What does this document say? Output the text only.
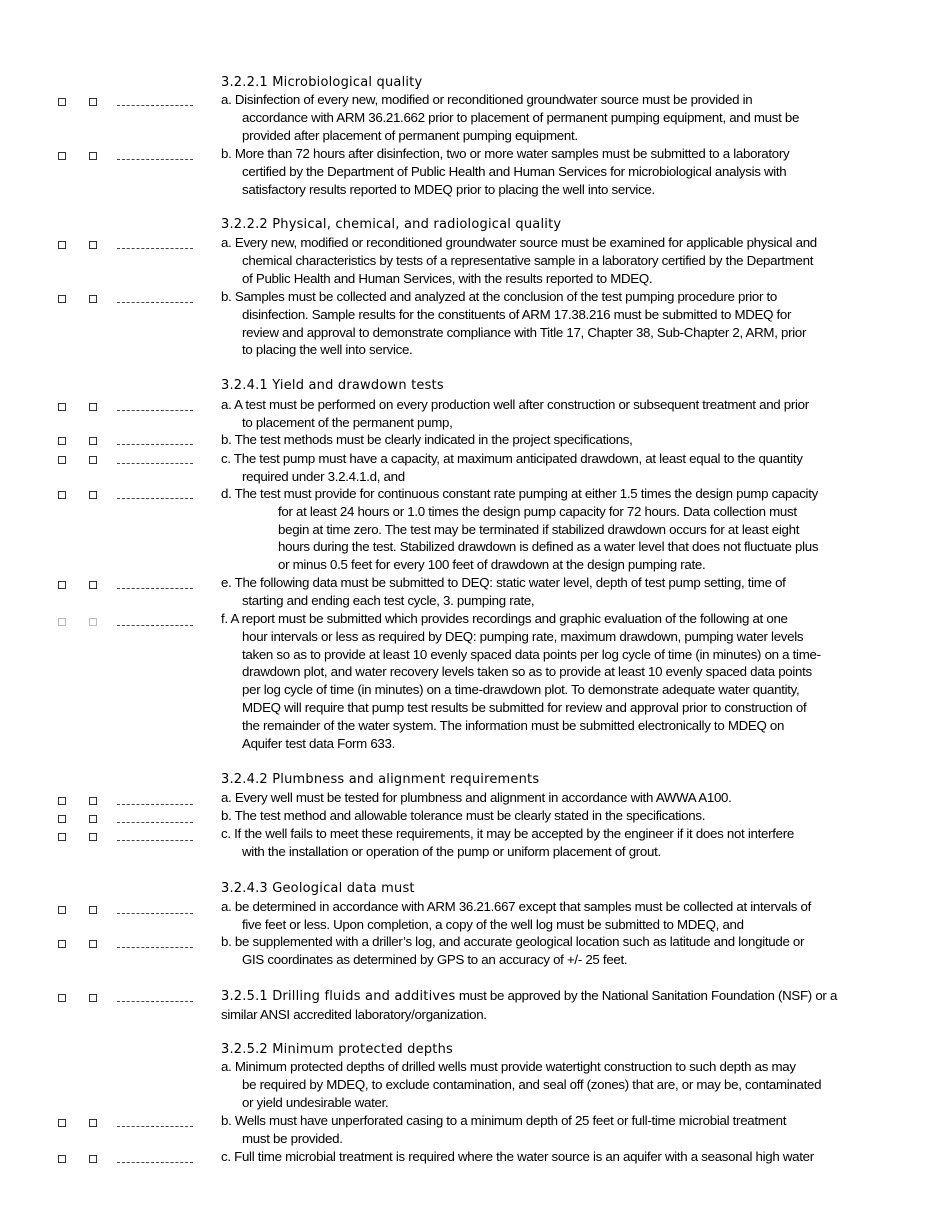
3.2.2.1 Microbiological quality
a. Disinfection of every new, modified or reconditioned groundwater source must be provided in
accordance with ARM 36.21.662 prior to placement of permanent pumping equipment, and must be
provided after placement of permanent pumping equipment.
b. More than 72 hours after disinfection, two or more water samples must be submitted to a laboratory
certified by the Department of Public Health and Human Services for microbiological analysis with
satisfactory results reported to MDEQ prior to placing the well into service.
3.2.2.2 Physical, chemical, and radiological quality
a. Every new, modified or reconditioned groundwater source must be examined for applicable physical and
chemical characteristics by tests of a representative sample in a laboratory certified by the Department
of Public Health and Human Services, with the results reported to MDEQ.
b. Samples must be collected and analyzed at the conclusion of the test pumping procedure prior to
disinfection. Sample results for the constituents of ARM 17.38.216 must be submitted to MDEQ for
review and approval to demonstrate compliance with Title 17, Chapter 38, Sub-Chapter 2, ARM, prior
to placing the well into service.
3.2.4.1 Yield and drawdown tests
a. A test must be performed on every production well after construction or subsequent treatment and prior
to placement of the permanent pump,
b. The test methods must be clearly indicated in the project specifications,
c. The test pump must have a capacity, at maximum anticipated drawdown, at least equal to the quantity
required under 3.2.4.1.d, and
d. The test must provide for continuous constant rate pumping at either 1.5 times the design pump capacity
for at least 24 hours or 1.0 times the design pump capacity for 72 hours. Data collection must
begin at time zero. The test may be terminated if stabilized drawdown occurs for at least eight
hours during the test. Stabilized drawdown is defined as a water level that does not fluctuate plus
or minus 0.5 feet for every 100 feet of drawdown at the design pumping rate.
e. The following data must be submitted to DEQ: static water level, depth of test pump setting, time of
starting and ending each test cycle, 3. pumping rate,
f. A report must be submitted which provides recordings and graphic evaluation of the following at one
hour intervals or less as required by DEQ: pumping rate, maximum drawdown, pumping water levels
taken so as to provide at least 10 evenly spaced data points per log cycle of time (in minutes) on a time-
drawdown plot, and water recovery levels taken so as to provide at least 10 evenly spaced data points
per log cycle of time (in minutes) on a time-drawdown plot. To demonstrate adequate water quantity,
MDEQ will require that pump test results be submitted for review and approval prior to construction of
the remainder of the water system. The information must be submitted electronically to MDEQ on
Aquifer test data Form 633.
3.2.4.2 Plumbness and alignment requirements
a. Every well must be tested for plumbness and alignment in accordance with AWWA A100.
b. The test method and allowable tolerance must be clearly stated in the specifications.
c. If the well fails to meet these requirements, it may be accepted by the engineer if it does not interfere
with the installation or operation of the pump or uniform placement of grout.
3.2.4.3 Geological data must
a. be determined in accordance with ARM 36.21.667 except that samples must be collected at intervals of
five feet or less. Upon completion, a copy of the well log must be submitted to MDEQ, and
b. be supplemented with a driller’s log, and accurate geological location such as latitude and longitude or
GIS coordinates as determined by GPS to an accuracy of +/- 25 feet.
3.2.5.1 Drilling fluids and additives must be approved by the National Sanitation Foundation (NSF) or a
similar ANSI accredited laboratory/organization.
3.2.5.2 Minimum protected depths
a. Minimum protected depths of drilled wells must provide watertight construction to such depth as may
be required by MDEQ, to exclude contamination, and seal off (zones) that are, or may be, contaminated
or yield undesirable water.
b. Wells must have unperforated casing to a minimum depth of 25 feet or full-time microbial treatment
must be provided.
c. Full time microbial treatment is required where the water source is an aquifer with a seasonal high water
